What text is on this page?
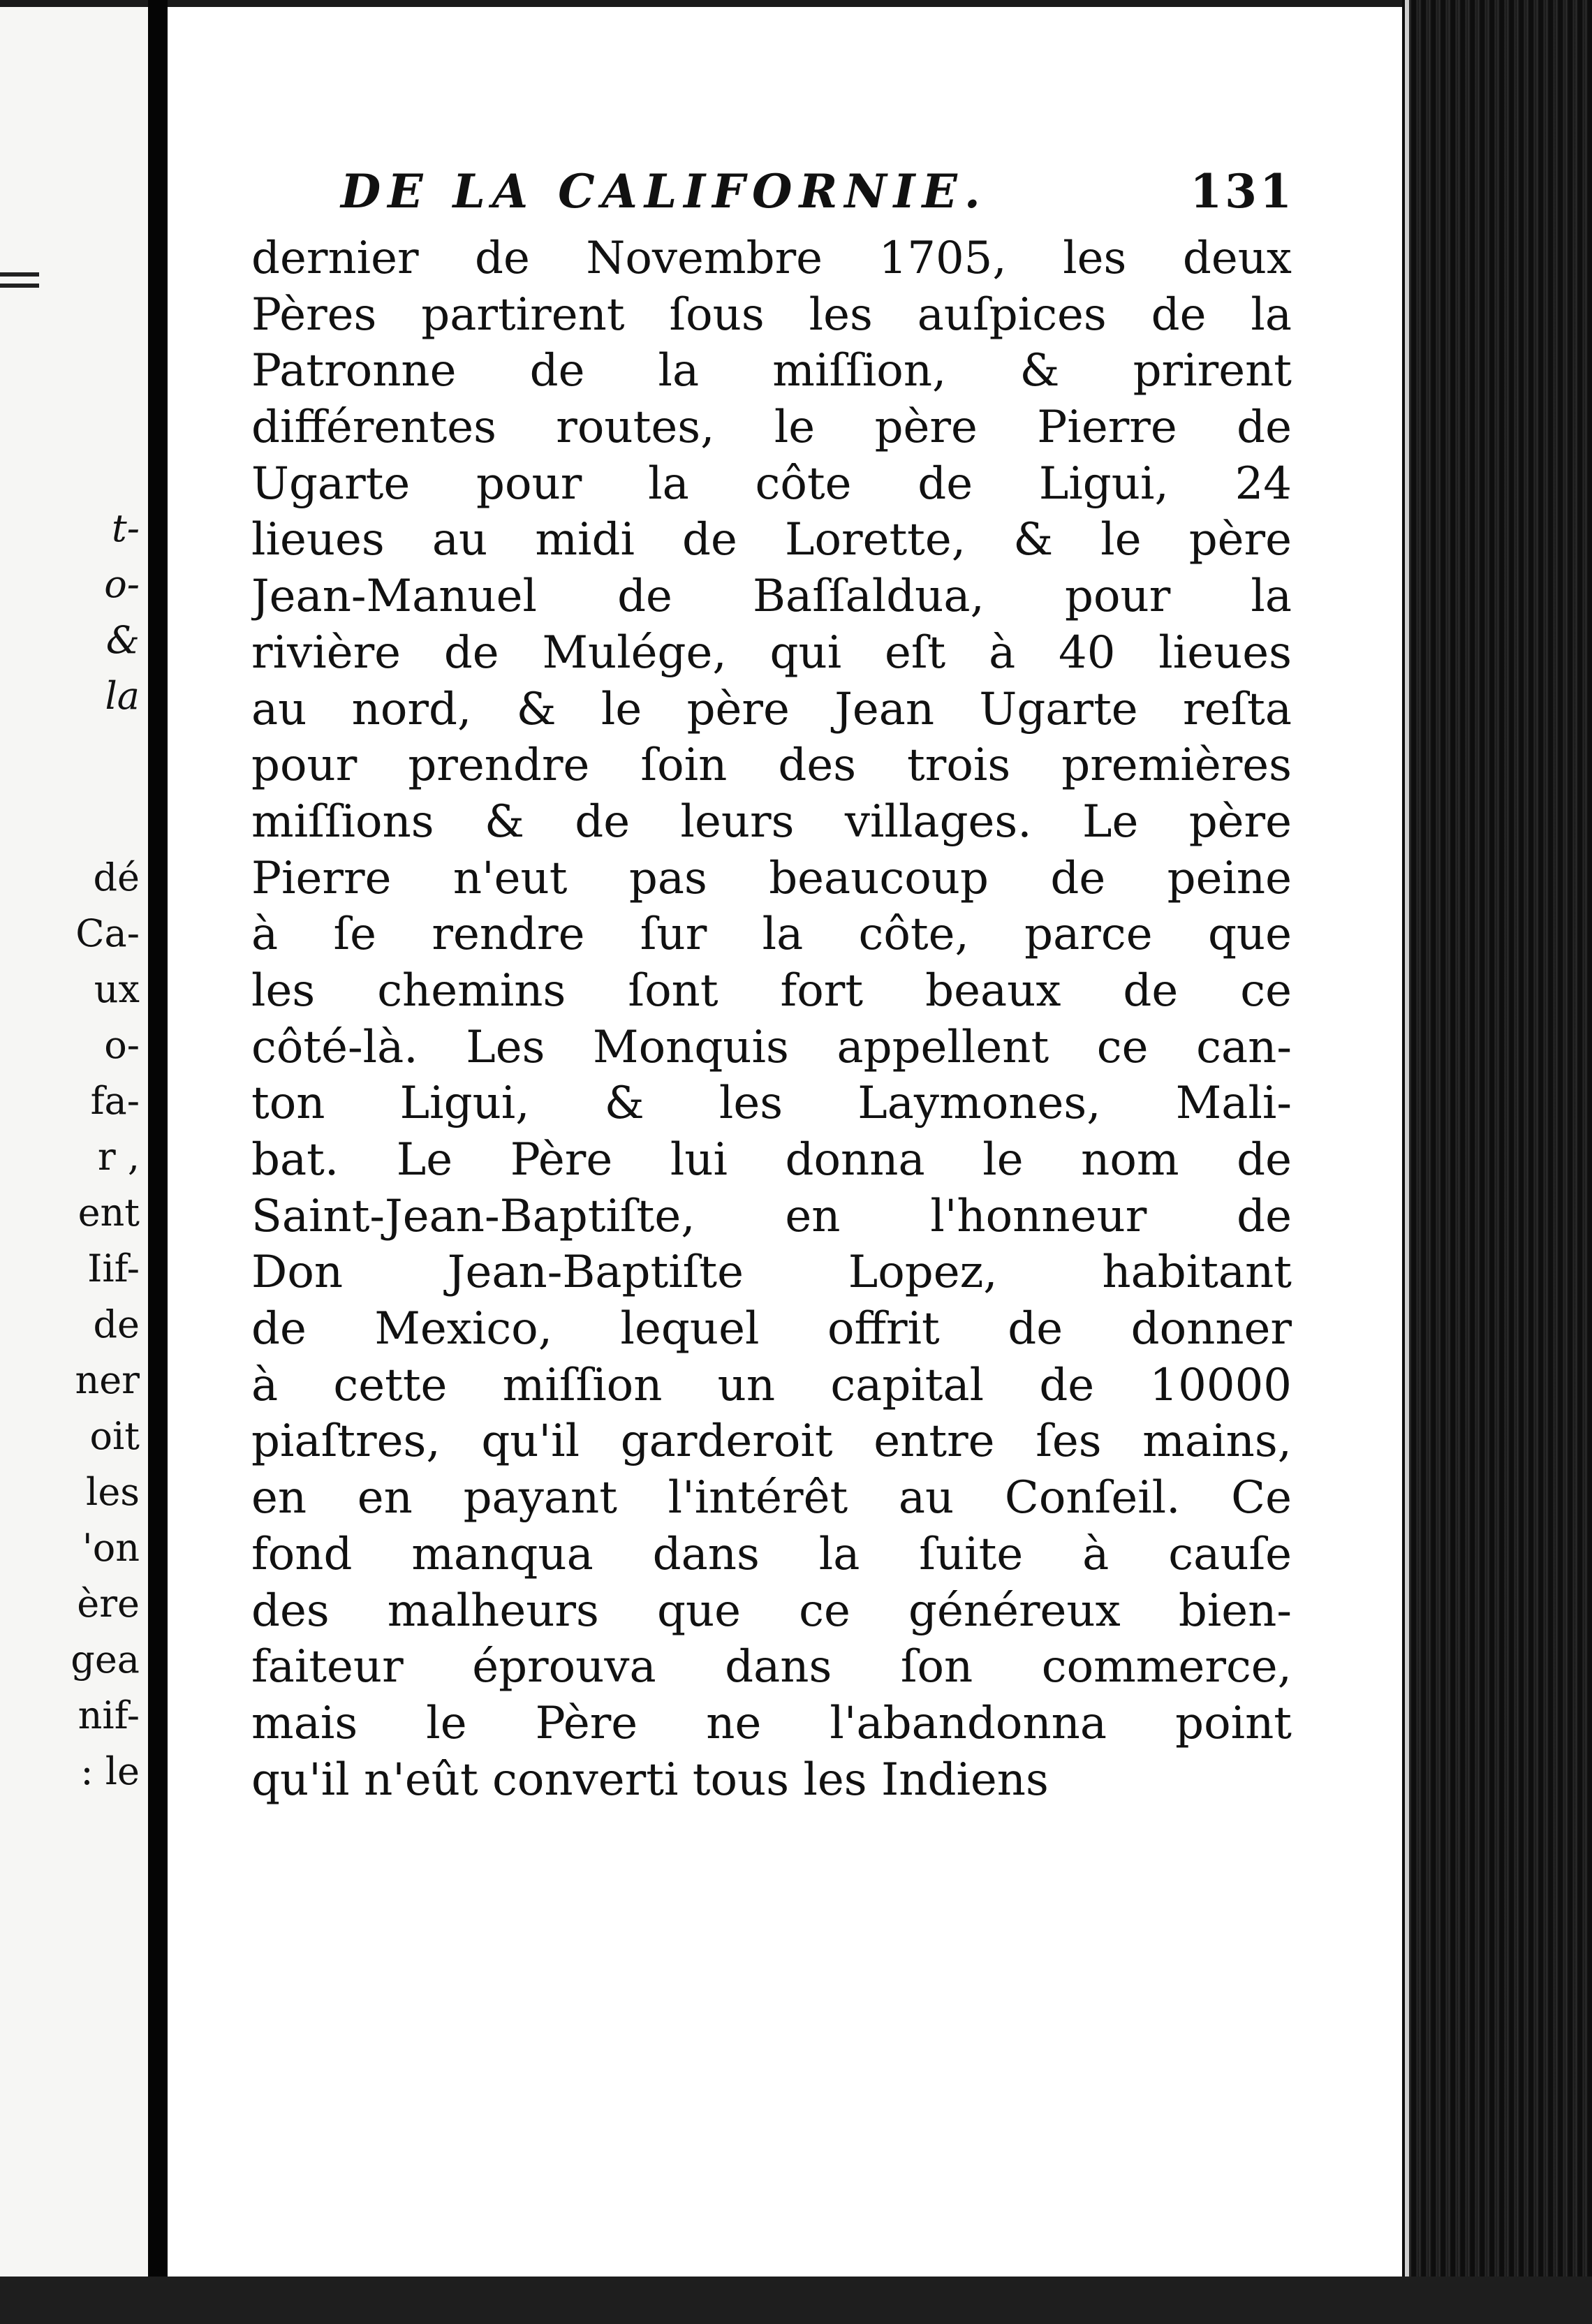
t-
o-
&
la
dé
Ca-
ux
o-
fa-
r ,
ent
Iif-
de
ner
oit
les
'on
ère
gea
nif-
: le
DE LA CALIFORNIE.	131
dernier de Novembre 1705, les deux
Pères partirent ſous les auſpices de la
Patronne de la miſſion, & prirent
différentes routes, le père Pierre de
Ugarte pour la côte de Ligui, 24
lieues au midi de Lorette, & le père
Jean-Manuel de Baſſaldua, pour la
rivière de Mulége, qui eſt à 40 lieues
au nord, & le père Jean Ugarte reſta
pour prendre ſoin des trois premières
miſſions & de leurs villages. Le père
Pierre n'eut pas beaucoup de peine
à ſe rendre ſur la côte, parce que
les chemins ſont fort beaux de ce
côté-là. Les Monquis appellent ce can-
ton Ligui, & les Laymones, Mali-
bat. Le Père lui donna le nom de
Saint-Jean-Baptiſte, en l'honneur de
Don Jean-Baptiſte Lopez, habitant
de Mexico, lequel offrit de donner
à cette miſſion un capital de 10000
piaſtres, qu'il garderoit entre ſes mains,
en en payant l'intérêt au Conſeil. Ce
fond manqua dans la ſuite à cauſe
des malheurs que ce généreux bien-
faiteur éprouva dans ſon commerce,
mais le Père ne l'abandonna point
qu'il n'eût converti tous les Indiens
